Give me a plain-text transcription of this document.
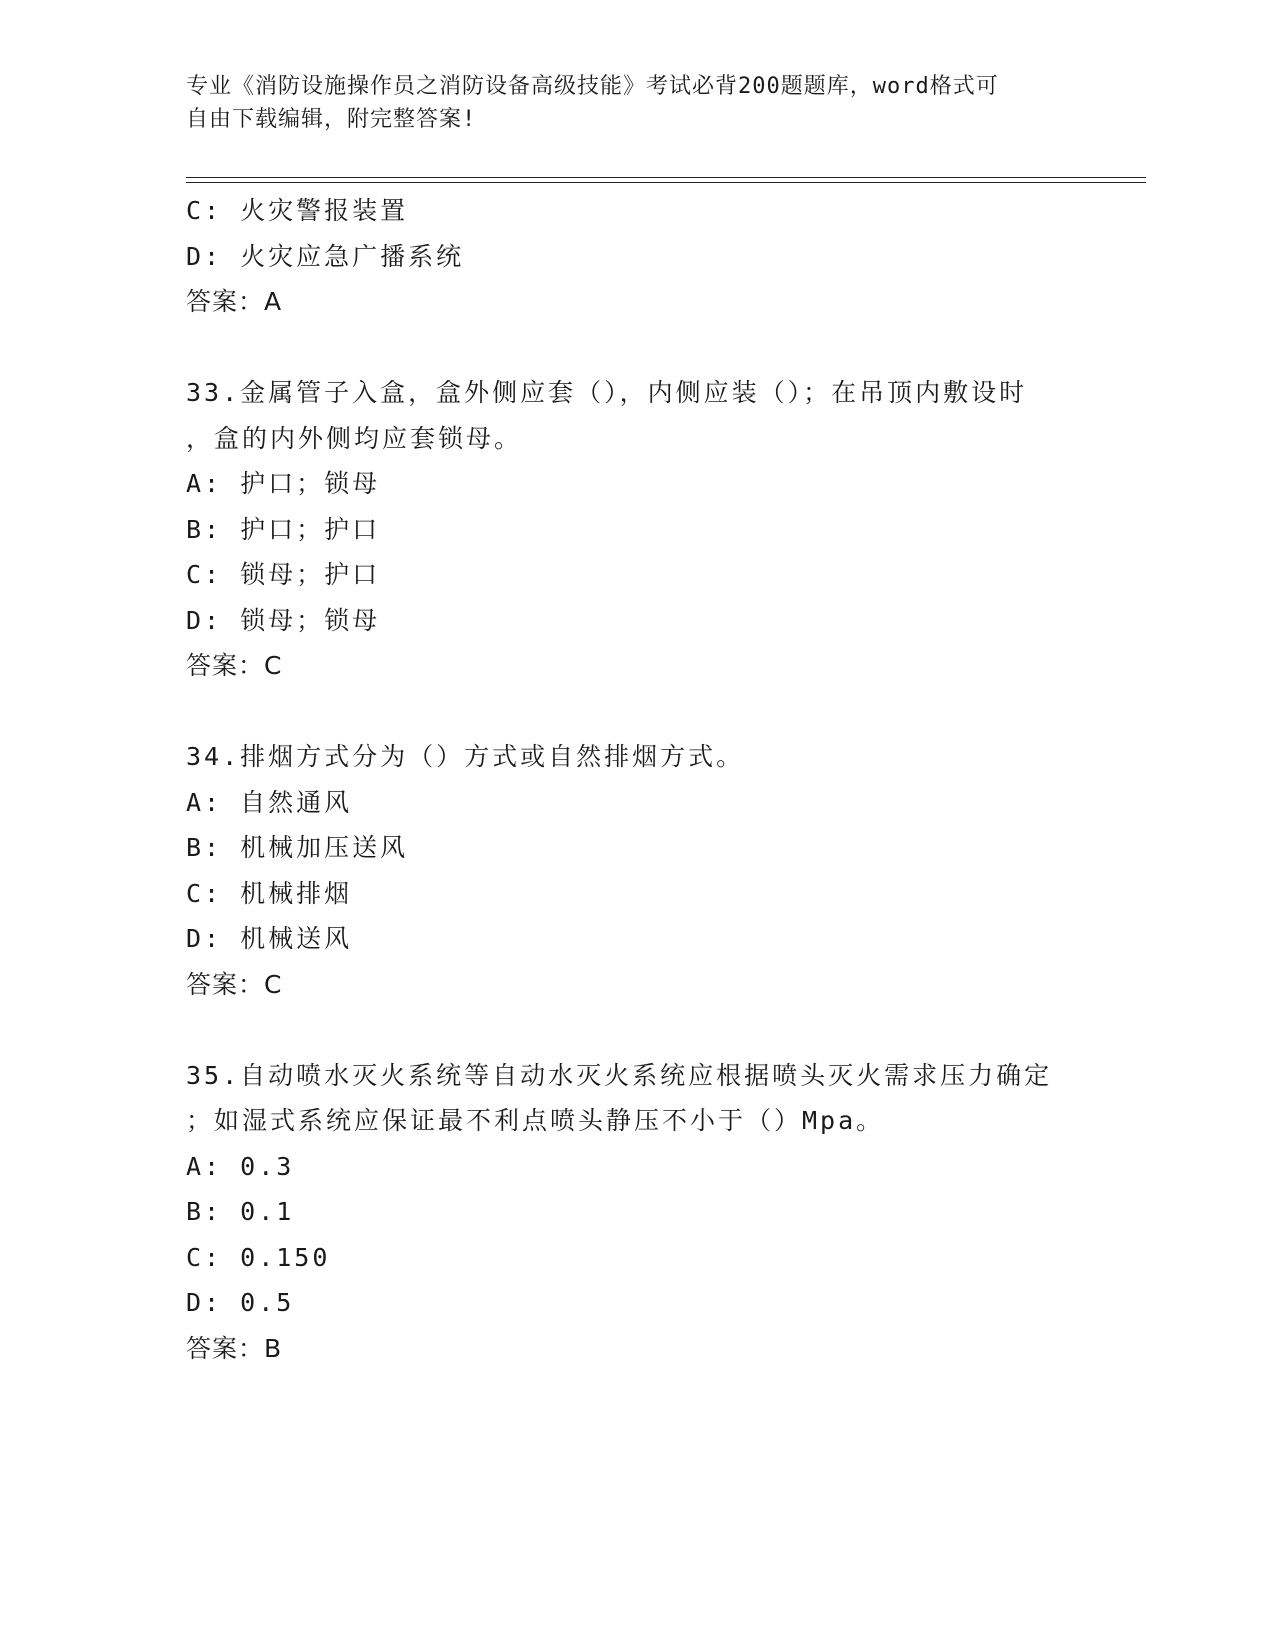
专业《消防设施操作员之消防设备高级技能》考试必背200题题库，word格式可
自由下载编辑，附完整答案!
C: 火灾警报装置
D: 火灾应急广播系统
答案：A
33.金属管子入盒，盒外侧应套（），内侧应装（）；在吊顶内敷设时
，盒的内外侧均应套锁母。
A: 护口；锁母
B: 护口；护口
C: 锁母；护口
D: 锁母；锁母
答案：C
34.排烟方式分为（）方式或自然排烟方式。
A: 自然通风
B: 机械加压送风
C: 机械排烟
D: 机械送风
答案：C
35.自动喷水灭火系统等自动水灭火系统应根据喷头灭火需求压力确定
；如湿式系统应保证最不利点喷头静压不小于（）Mpa。
A: 0.3
B: 0.1
C: 0.150
D: 0.5
答案：B
